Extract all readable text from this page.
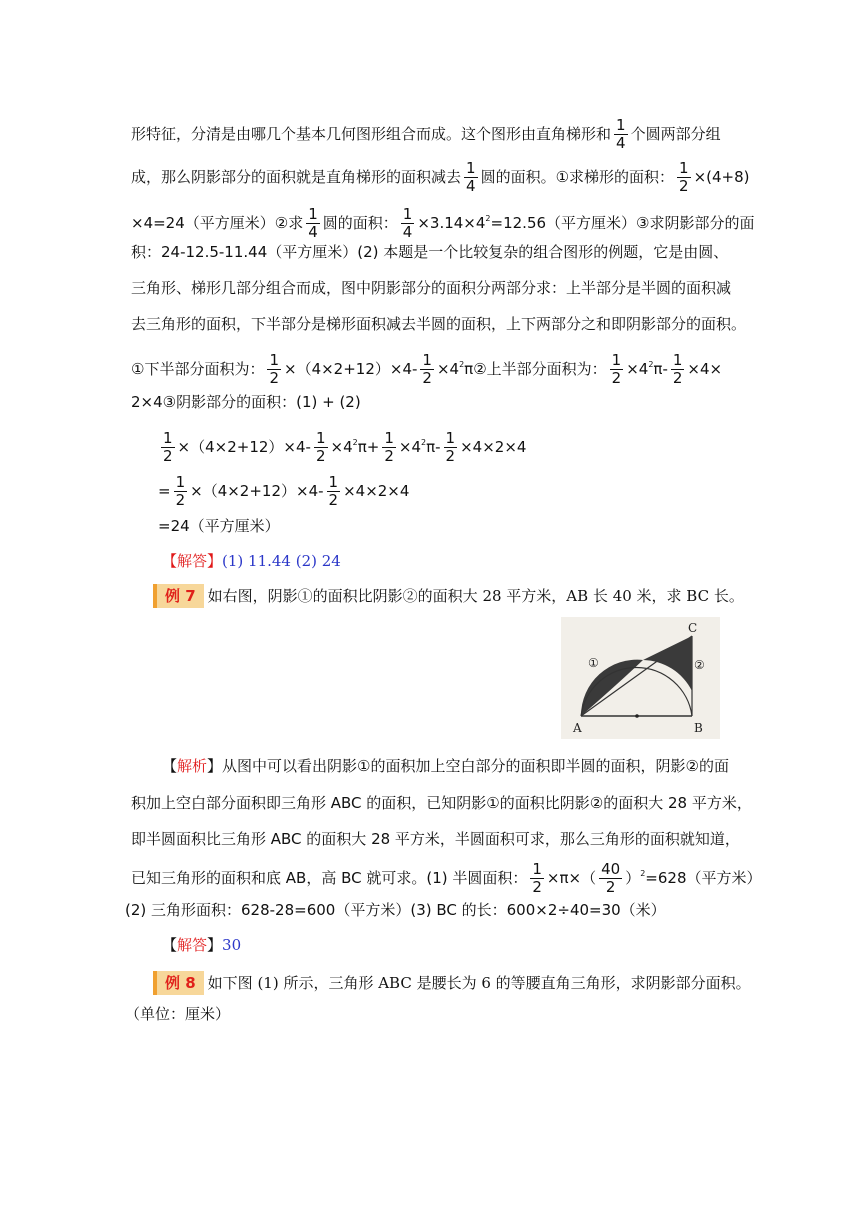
形特征，分清是由哪几个基本几何图形组合而成。这个图形由直角梯形和 $\frac{1}{4}$ 个圆两部分组
成，那么阴影部分的面积就是直角梯形的面积减去 $\frac{1}{4}$ 圆的面积。①求梯形的面积： $\frac{1}{2} \times(4+8)$
×4=24（平方厘米）②求 $\frac{1}{4}$ 圆的面积： $\frac{1}{4} \times 3.14\times 4^2=12.56$（平方厘米）③求阴影部分的面
积：24-12.5-11.44（平方厘米）(2) 本题是一个比较复杂的组合图形的例题，它是由圆、
三角形、梯形几部分组合而成，图中阴影部分的面积分两部分求：上半部分是半圆的面积减
去三角形的面积，下半部分是梯形面积减去半圆的面积，上下两部分之和即阴影部分的面积。
①下半部分面积为： $\frac{1}{2} \times(4\times 2+12)\times 4- \frac{1}{2}$ $\times 4^2\pi ②$上半部分面积为： $\frac{1}{2} \times 4^2\pi- \frac{1}{2} \times 4\times$
2×4③阴影部分的面积：(1) + (2)
$\frac{1}{2} \times(4\times 2+12)\times 4- \frac{1}{2} \times 4^2\pi+ \frac{1}{2} \times 4^2\pi- \frac{1}{2} \times 4\times 2\times 4$
= $\frac{1}{2} \times(4\times 2+12)\times 4- \frac{1}{2} \times 4\times 2\times 4$
=24（平方厘米）
【解答】(1) 11.44 (2) 24
例 7 如右图，阴影①的面积比阴影②的面积大 28 平方米，AB 长 40 米，求 BC 长。
A	B
C
①	②
【解析】从图中可以看出阴影①的面积加上空白部分的面积即半圆的面积，阴影②的面
积加上空白部分面积即三角形 ABC 的面积，已知阴影①的面积比阴影②的面积大 28 平方米，
即半圆面积比三角形 ABC 的面积大 28 平方米，半圆面积可求，那么三角形的面积就知道，
已知三角形的面积和底 AB，高 BC 就可求。(1) 半圆面积： $\frac{1}{2} \times\pi\times( \frac{40}{2} )^2=628$（平方米）
(2) 三角形面积：628-28=600（平方米）(3) BC 的长：600×2÷40=30（米）
【解答】30
例 8 如下图 (1) 所示，三角形 ABC 是腰长为 6 的等腰直角三角形，求阴影部分面积。
（单位：厘米）
